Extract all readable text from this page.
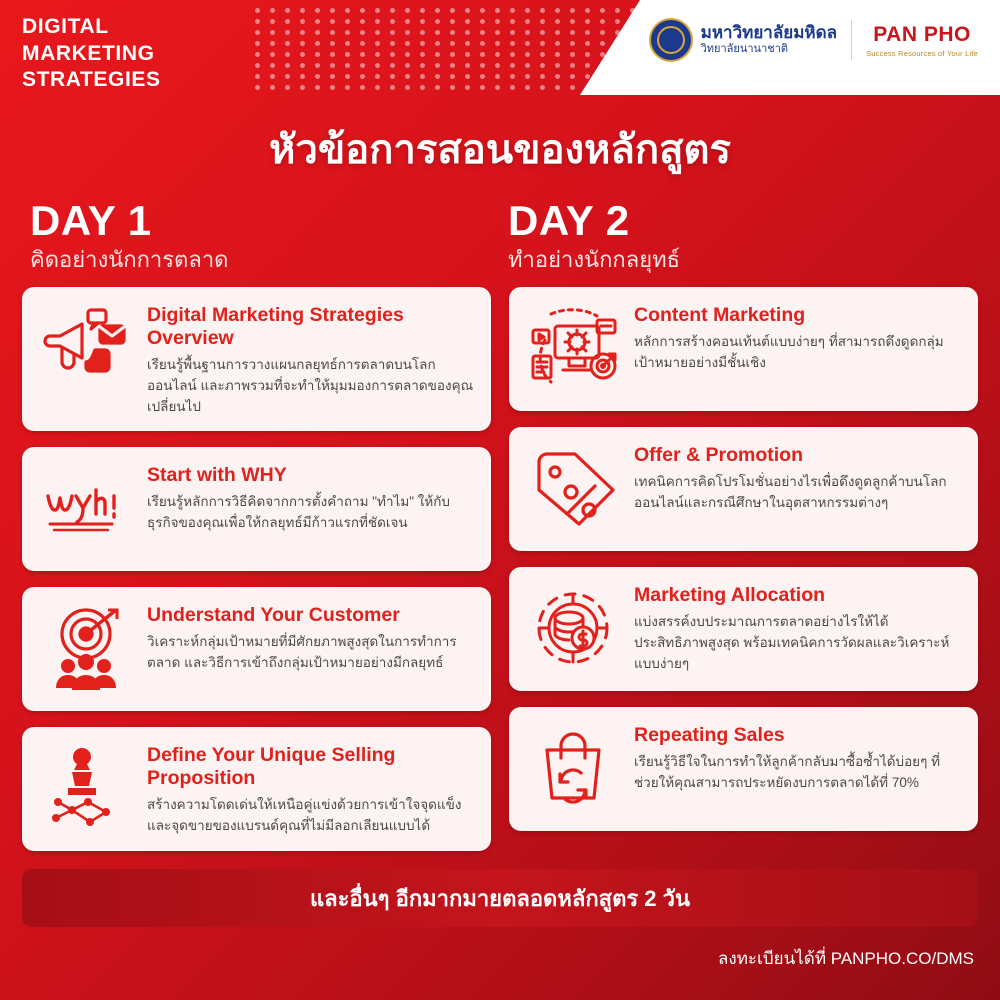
DIGITAL
MARKETING
STRATEGIES
มหาวิทยาลัยมหิดล
วิทยาลัยนานาชาติ
PAN PHO
Success Resources of Your Life
หัวข้อการสอนของหลักสูตร
DAY 1
คิดอย่างนักการตลาด
DAY 2
ทำอย่างนักกลยุทธ์
Digital Marketing Strategies Overview
เรียนรู้พื้นฐานการวางแผนกลยุทธ์การตลาดบนโลกออนไลน์ และภาพรวมที่จะทำให้มุมมองการตลาดของคุณเปลี่ยนไป
Start with WHY
เรียนรู้หลักการวิธีคิดจากการตั้งคำถาม "ทำไม" ให้กับธุรกิจของคุณเพื่อให้กลยุทธ์มีก้าวแรกที่ชัดเจน
Understand Your Customer
วิเคราะห์กลุ่มเป้าหมายที่มีศักยภาพสูงสุดในการทำการตลาด และวิธีการเข้าถึงกลุ่มเป้าหมายอย่างมีกลยุทธ์
Define Your Unique Selling Proposition
สร้างความโดดเด่นให้เหนือคู่แข่งด้วยการเข้าใจจุดแข็ง และจุดขายของแบรนด์คุณที่ไม่มีลอกเลียนแบบได้
Content Marketing
หลักการสร้างคอนเท้นต์แบบง่ายๆ ที่สามารถดึงดูดกลุ่มเป้าหมายอย่างมีชั้นเชิง
Offer & Promotion
เทคนิคการคิดโปรโมชั่นอย่างไรเพื่อดึงดูดลูกค้าบนโลกออนไลน์และกรณีศึกษาในอุตสาหกรรมต่างๆ
Marketing Allocation
แบ่งสรรค์งบประมาณการตลาดอย่างไรให้ได้ประสิทธิภาพสูงสุด พร้อมเทคนิคการวัดผลและวิเคราะห์แบบง่ายๆ
Repeating Sales
เรียนรู้วิธีใจในการทำให้ลูกค้ากลับมาซื้อซ้ำได้บ่อยๆ ที่ช่วยให้คุณสามารถประหยัดงบการตลาดได้ที่ 70%
และอื่นๆ อีกมากมายตลอดหลักสูตร 2 วัน
ลงทะเบียนได้ที่ PANPHO.CO/DMS
